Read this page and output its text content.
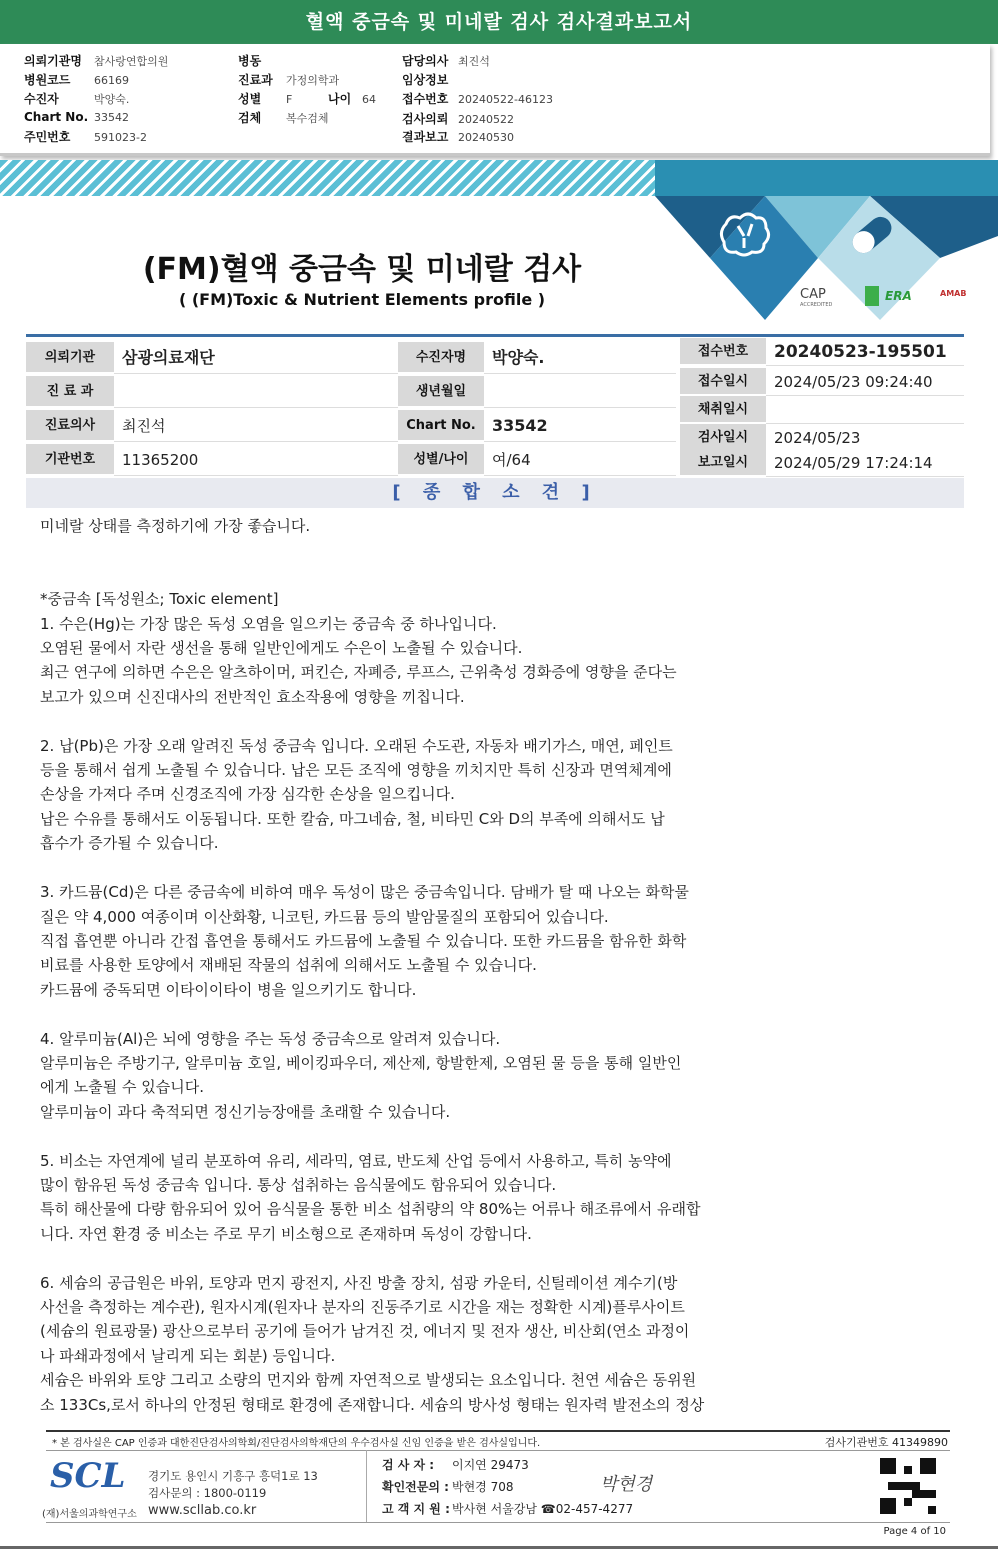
혈액 중금속 및 미네랄 검사 검사결과보고서
의뢰기관명 참사랑연합의원
병원코드 66169
수진자	박양숙.
Chart No. 33542
주민번호 591023-2
병동
진료과 가정의학과
성별 F	나이 64
검체 복수검체
담당의사 최진석
임상정보
접수번호 20240522-46123
검사의뢰 20240522
결과보고 20240530
CAP
ACCREDITED
ERA	AMAB
(FM)혈액 중금속 및 미네랄 검사
( (FM)Toxic & Nutrient Elements profile )
의뢰기관	삼광의료재단
진 료 과
진료의사	최진석
기관번호	11365200
수진자명	박양숙.
생년월일
Chart No.	33542
성별/나이	여/64
접수번호	20240523-195501
접수일시	2024/05/23 09:24:40
채취일시
검사일시	2024/05/23
보고일시	2024/05/29 17:24:14
[ 종 합 소 견 ]
미네랄 상태를 측정하기에 가장 좋습니다.

*중금속 [독성원소; Toxic element]
1. 수은(Hg)는 가장 많은 독성 오염을 일으키는 중금속 중 하나입니다.
오염된 물에서 자란 생선을 통해 일반인에게도 수은이 노출될 수 있습니다.
최근 연구에 의하면 수은은 알츠하이머, 퍼킨슨, 자폐증, 루프스, 근위축성 경화증에 영향을 준다는
보고가 있으며 신진대사의 전반적인 효소작용에 영향을 끼칩니다.

2. 납(Pb)은 가장 오래 알려진 독성 중금속 입니다. 오래된 수도관, 자동차 배기가스, 매연, 페인트
등을 통해서 쉽게 노출될 수 있습니다. 납은 모든 조직에 영향을 끼치지만 특히 신장과 면역체계에
손상을 가져다 주며 신경조직에 가장 심각한 손상을 일으킵니다.
납은 수유를 통해서도 이동됩니다. 또한 칼슘, 마그네슘, 철, 비타민 C와 D의 부족에 의해서도 납
흡수가 증가될 수 있습니다.

3. 카드뮴(Cd)은 다른 중금속에 비하여 매우 독성이 많은 중금속입니다. 담배가 탈 때 나오는 화학물
질은 약 4,000 여종이며 이산화황, 니코틴, 카드뮴 등의 발암물질의 포함되어 있습니다.
직접 흡연뿐 아니라 간접 흡연을 통해서도 카드뮴에 노출될 수 있습니다. 또한 카드뮴을 함유한 화학
비료를 사용한 토양에서 재배된 작물의 섭취에 의해서도 노출될 수 있습니다.
카드뮴에 중독되면 이타이이타이 병을 일으키기도 합니다.

4. 알루미늄(Al)은 뇌에 영향을 주는 독성 중금속으로 알려져 있습니다.
알루미늄은 주방기구, 알루미늄 호일, 베이킹파우더, 제산제, 항발한제, 오염된 물 등을 통해 일반인
에게 노출될 수 있습니다.
알루미늄이 과다 축적되면 정신기능장애를 초래할 수 있습니다.

5. 비소는 자연계에 널리 분포하여 유리, 세라믹, 염료, 반도체 산업 등에서 사용하고, 특히 농약에
많이 함유된 독성 중금속 입니다. 통상 섭취하는 음식물에도 함유되어 있습니다.
특히 해산물에 다량 함유되어 있어 음식물을 통한 비소 섭취량의 약 80%는 어류나 해조류에서 유래합
니다. 자연 환경 중 비소는 주로 무기 비소형으로 존재하며 독성이 강합니다.

6. 세슘의 공급원은 바위, 토양과 먼지 광전지, 사진 방출 장치, 섬광 카운터, 신틸레이션 계수기(방
사선을 측정하는 계수관), 원자시계(원자나 분자의 진동주기로 시간을 재는 정확한 시계)플루사이트
(세슘의 원료광물) 광산으로부터 공기에 들어가 남겨진 것, 에너지 및 전자 생산, 비산회(연소 과정이
나 파쇄과정에서 날리게 되는 회분) 등입니다.
세슘은 바위와 토양 그리고 소량의 먼지와 함께 자연적으로 발생되는 요소입니다. 천연 세슘은 동위원
소 133Cs,로서 하나의 안정된 형태로 환경에 존재합니다. 세슘의 방사성 형태는 원자력 발전소의 정상
* 본 검사실은 CAP 인증과 대한진단검사의학회/진단검사의학재단의 우수검사실 신임 인증을 받은 검사실입니다.	검사기관번호 41349890
SCL
(재)서울의과학연구소
경기도 용인시 기흥구 흥덕1로 13
검사문의 : 1800-0119
www.scllab.co.kr
검 사 자 : 이지연 29473
확인전문의 : 박현경 708
고 객 지 원 : 박사현 서울강남 ☎02-457-4277
박현경
Page 4 of 10
